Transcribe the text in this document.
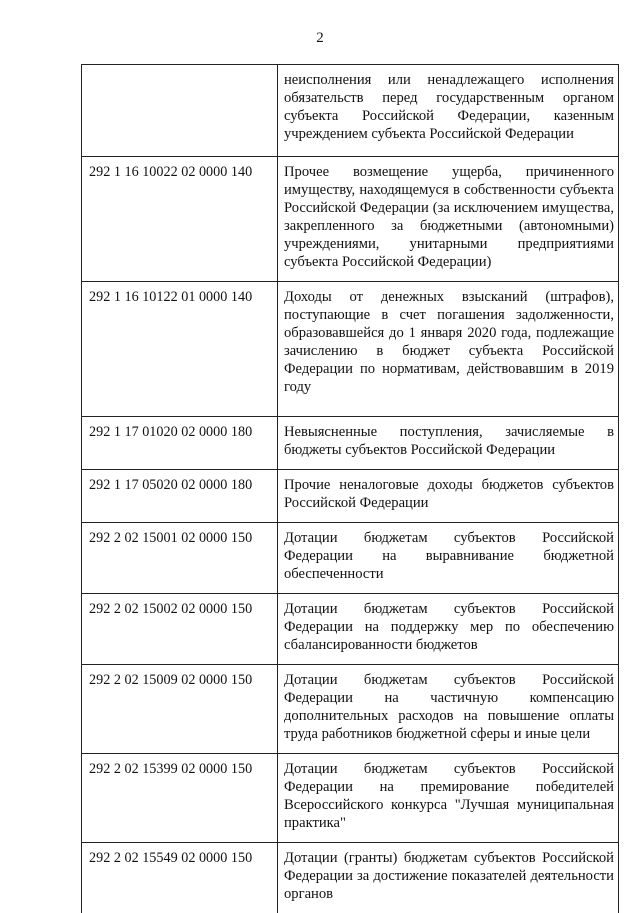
2
	неисполнения или ненадлежащего исполнения обязательств перед государственным органом субъекта Российской Федерации, казенным учреждением субъекта Российской Федерации
292 1 16 10022 02 0000 140	Прочее возмещение ущерба, причиненного имуществу, находящемуся в собственности субъекта Российской Федерации (за исключением имущества, закрепленного за бюджетными (автономными) учреждениями, унитарными предприятиями субъекта Российской Федерации)
292 1 16 10122 01 0000 140	Доходы от денежных взысканий (штрафов), поступающие в счет погашения задолженности, образовавшейся до 1 января 2020 года, подлежащие зачислению в бюджет субъекта Российской Федерации по нормативам, действовавшим в 2019 году
292 1 17 01020 02 0000 180	Невыясненные поступления, зачисляемые в бюджеты субъектов Российской Федерации
292 1 17 05020 02 0000 180	Прочие неналоговые доходы бюджетов субъектов Российской Федерации
292 2 02 15001 02 0000 150	Дотации бюджетам субъектов Российской Федерации на выравнивание бюджетной обеспеченности
292 2 02 15002 02 0000 150	Дотации бюджетам субъектов Российской Федерации на поддержку мер по обеспечению сбалансированности бюджетов
292 2 02 15009 02 0000 150	Дотации бюджетам субъектов Российской Федерации на частичную компенсацию дополнительных расходов на повышение оплаты труда работников бюджетной сферы и иные цели
292 2 02 15399 02 0000 150	Дотации бюджетам субъектов Российской Федерации на премирование победителей Всероссийского конкурса "Лучшая муниципальная практика"
292 2 02 15549 02 0000 150	Дотации (гранты) бюджетам субъектов Российской Федерации за достижение показателей деятельности органов
